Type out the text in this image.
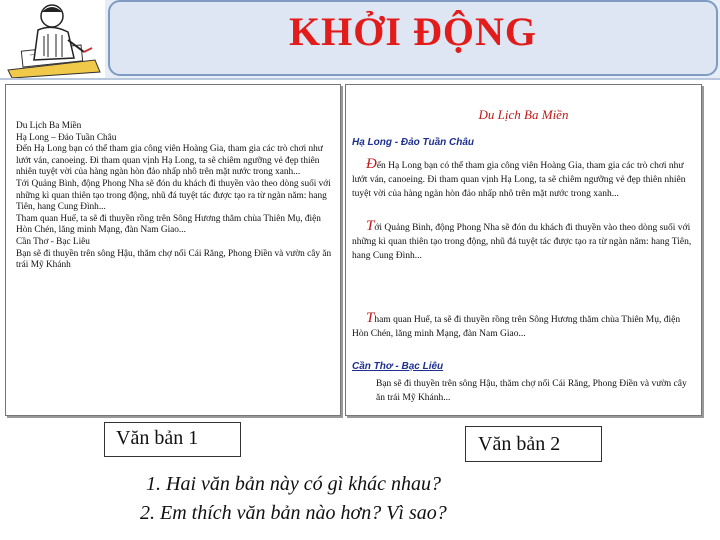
KHỞI ĐỘNG
Du Lịch Ba Miền
Hạ Long – Đảo Tuần Châu
Đến Hạ Long bạn có thể tham gia công viên Hoàng Gia, tham gia các trò chơi như
lướt ván, canoeing. Đi tham quan vịnh Hạ Long, ta sẽ chiêm ngưỡng vẻ đẹp thiên
nhiên tuyệt vời của hàng ngàn hòn đảo nhấp nhô trên mặt nước trong xanh...
Tới Quảng Bình, động Phong Nha sẽ đón du khách đi thuyền vào theo dòng suối với
những kì quan thiên tạo trong động, nhũ đá tuyệt tác được tạo ra từ ngàn năm: hang
Tiên, hang Cung Đình...
Tham quan Huế, ta sẽ đi thuyền rồng trên Sông Hương thăm chùa Thiên Mụ, điện
Hòn Chén, lăng minh Mạng, đàn Nam Giao...
Cần Thơ - Bạc Liêu
Bạn sẽ đi thuyền trên sông Hậu, thăm chợ nổi Cái Răng, Phong Điền và vườn cây ăn
trái Mỹ Khánh
Du Lịch Ba Miền
Hạ Long - Đảo Tuần Châu
Đến Hạ Long bạn có thể tham gia công viên Hoàng Gia, tham gia các trò chơi như lướt ván, canoeing. Đi tham quan vịnh Hạ Long, ta sẽ chiêm ngưỡng vẻ đẹp thiên nhiên tuyệt vời của hàng ngàn hòn đảo nhấp nhô trên mặt nước trong xanh...
Tới Quảng Bình, động Phong Nha sẽ đón du khách đi thuyền vào theo dòng suối với những kì quan thiên tạo trong động, nhũ đá tuyệt tác được tạo ra từ ngàn năm: hang Tiên, hang Cung Đình...
Tham quan Huế, ta sẽ đi thuyền rồng trên Sông Hương thăm chùa Thiên Mụ, điện Hòn Chén, lăng minh Mạng, đàn Nam Giao...
Cần Thơ - Bạc Liêu
Bạn sẽ đi thuyền trên sông Hậu, thăm chợ nổi Cái Răng, Phong Điền và vườn cây ăn trái Mỹ Khánh...
Văn bản 1	Văn bản 2
1. Hai văn bản này có gì khác nhau?
2. Em thích văn bản nào hơn? Vì sao?
